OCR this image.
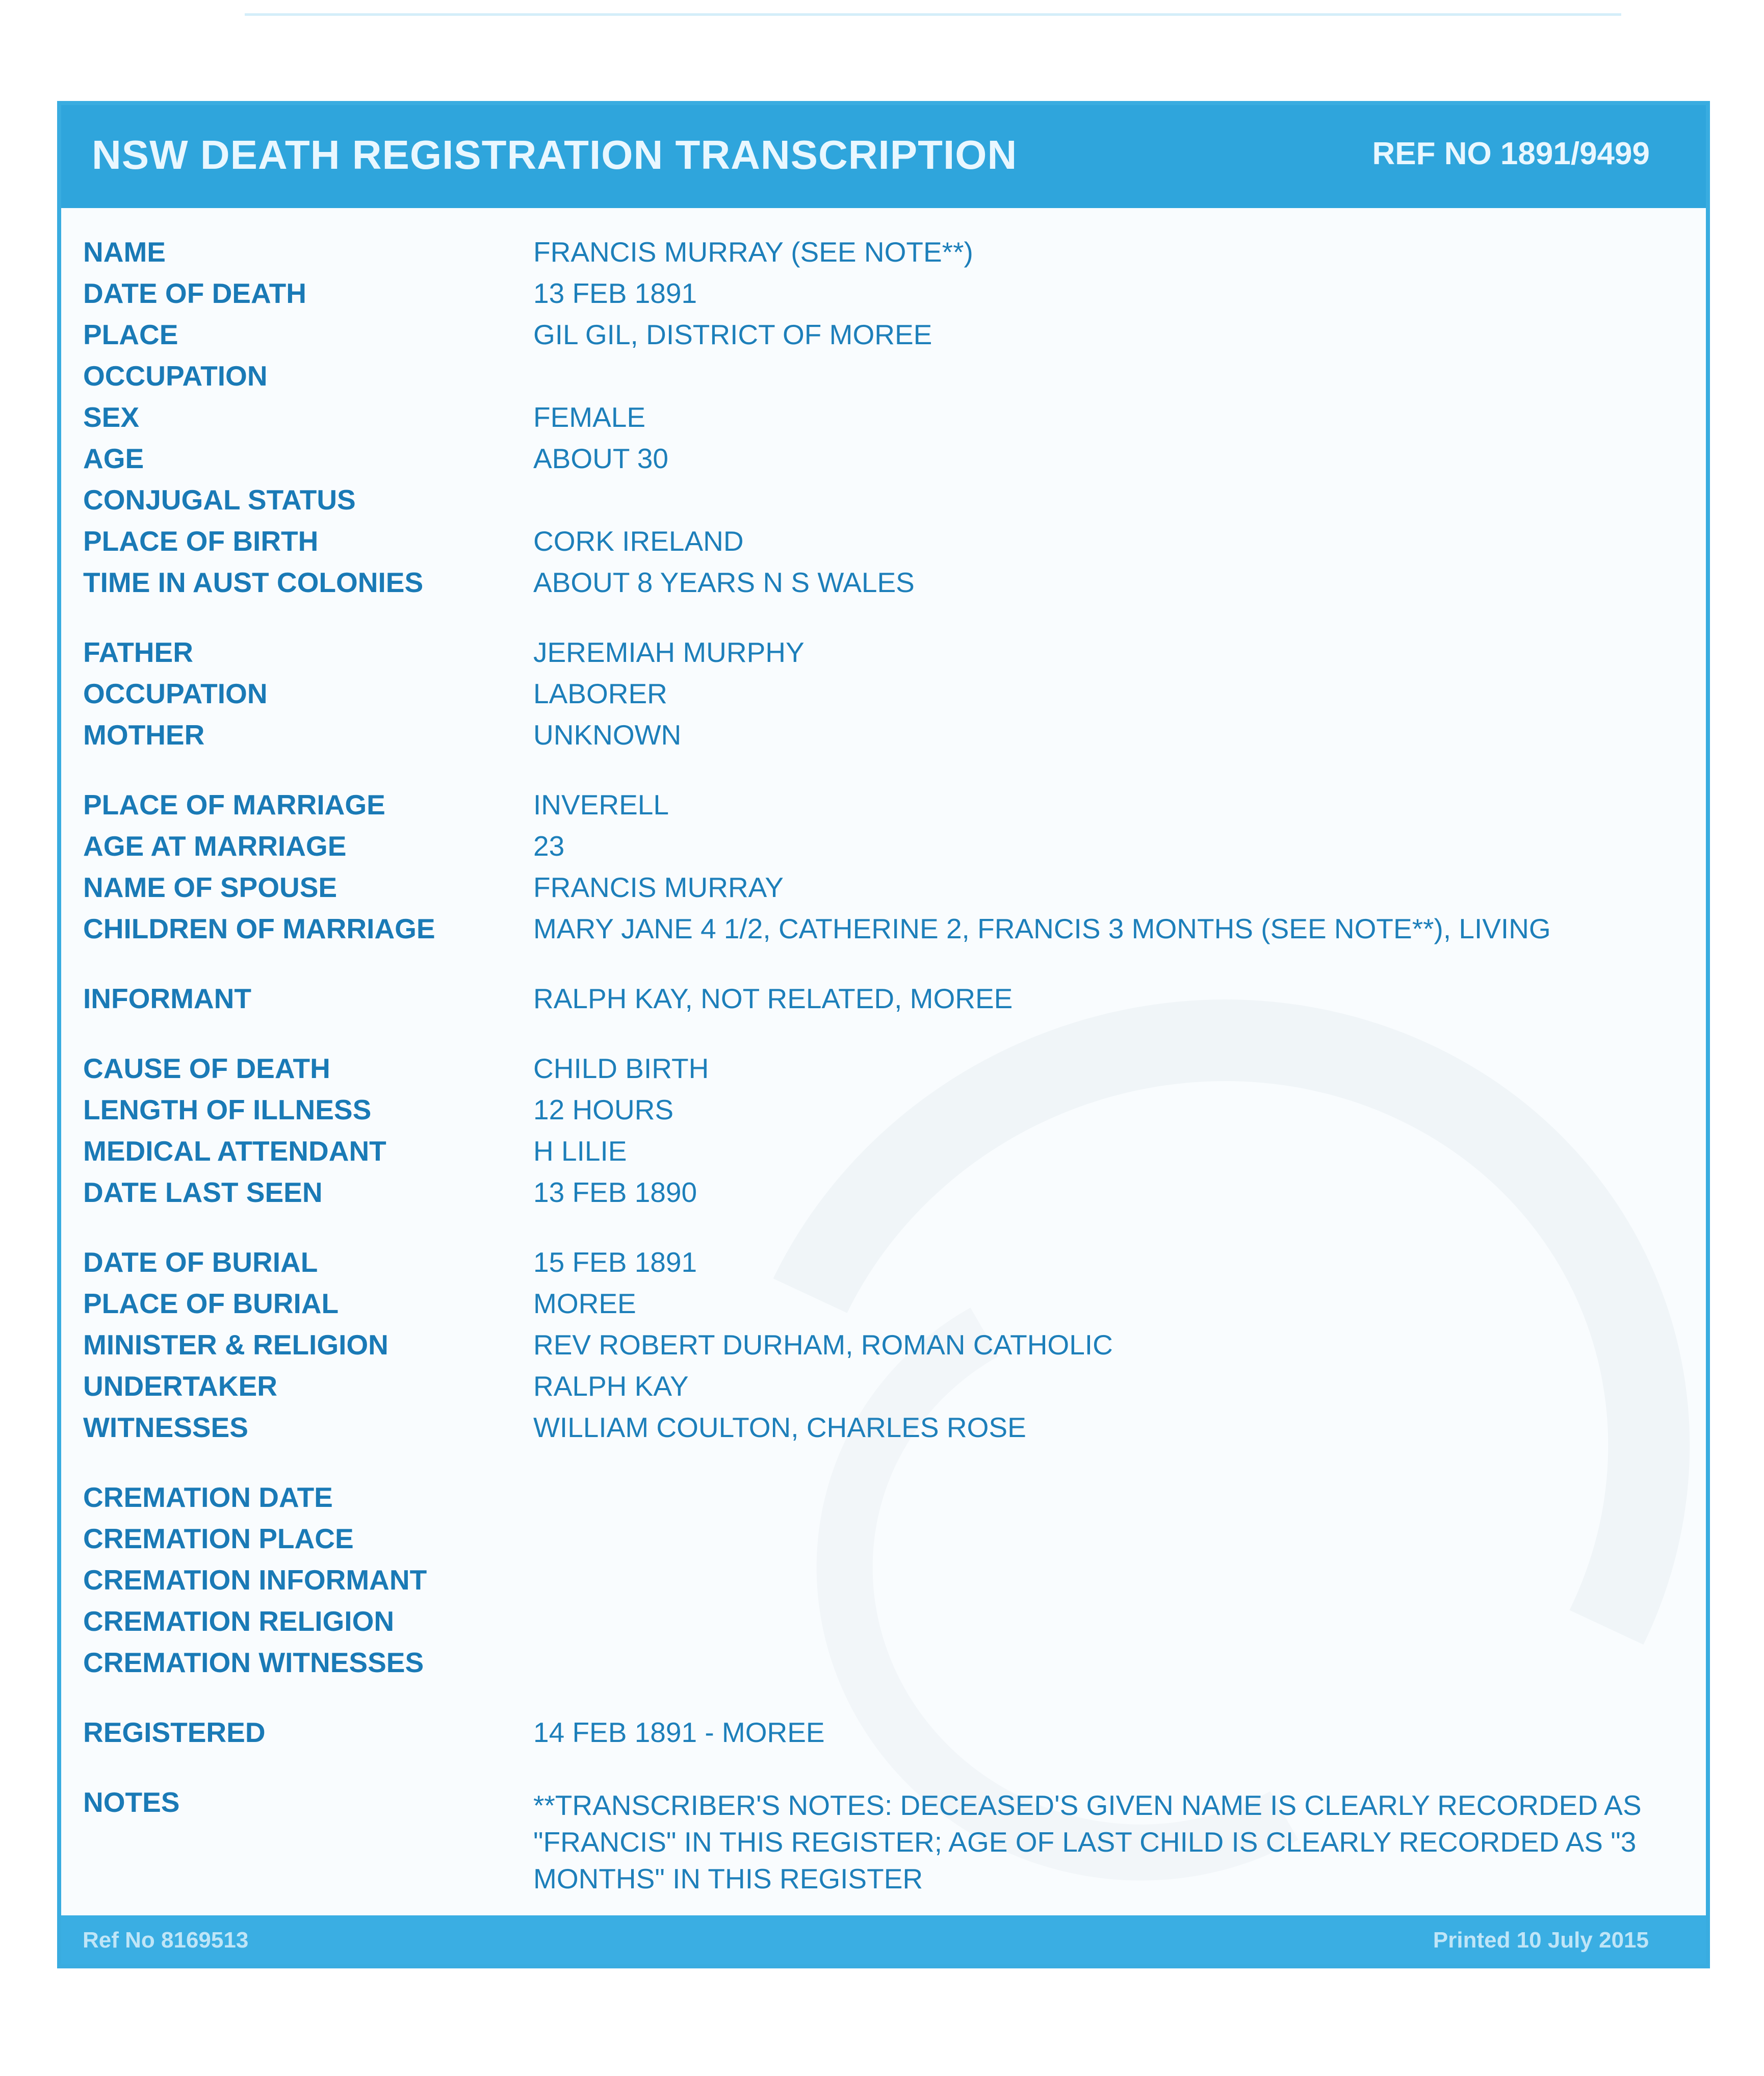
NSW DEATH REGISTRATION TRANSCRIPTION	REF NO 1891/9499
NAME	FRANCIS MURRAY (SEE NOTE**)
DATE OF DEATH	13 FEB 1891
PLACE	GIL GIL, DISTRICT OF MOREE
OCCUPATION
SEX	FEMALE
AGE	ABOUT 30
CONJUGAL STATUS
PLACE OF BIRTH	CORK IRELAND
TIME IN AUST COLONIES	ABOUT 8 YEARS N S WALES
FATHER	JEREMIAH MURPHY
OCCUPATION	LABORER
MOTHER	UNKNOWN
PLACE OF MARRIAGE	INVERELL
AGE AT MARRIAGE	23
NAME OF SPOUSE	FRANCIS MURRAY
CHILDREN OF MARRIAGE	MARY JANE 4 1/2, CATHERINE 2, FRANCIS 3 MONTHS (SEE NOTE**), LIVING
INFORMANT	RALPH KAY, NOT RELATED, MOREE
CAUSE OF DEATH	CHILD BIRTH
LENGTH OF ILLNESS	12 HOURS
MEDICAL ATTENDANT	H LILIE
DATE LAST SEEN	13 FEB 1890
DATE OF BURIAL	15 FEB 1891
PLACE OF BURIAL	MOREE
MINISTER & RELIGION	REV ROBERT DURHAM, ROMAN CATHOLIC
UNDERTAKER	RALPH KAY
WITNESSES	WILLIAM COULTON, CHARLES ROSE
CREMATION DATE
CREMATION PLACE
CREMATION INFORMANT
CREMATION RELIGION
CREMATION WITNESSES
REGISTERED	14 FEB 1891 - MOREE
NOTES	**TRANSCRIBER'S NOTES: DECEASED'S GIVEN NAME IS CLEARLY RECORDED AS "FRANCIS" IN THIS REGISTER; AGE OF LAST CHILD IS CLEARLY RECORDED AS "3 MONTHS" IN THIS REGISTER
Ref No 8169513	Printed 10 July 2015
